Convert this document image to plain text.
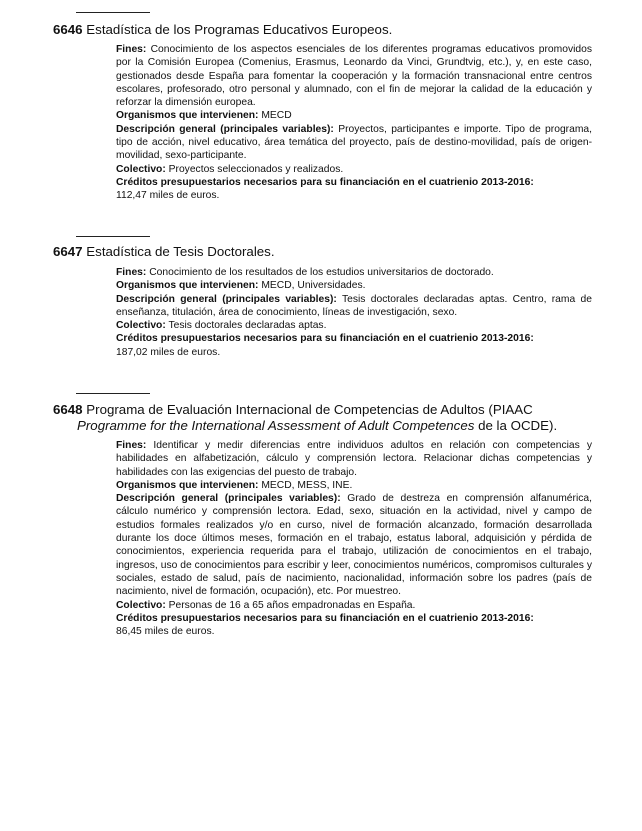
6646 Estadística de los Programas Educativos Europeos.

Fines: Conocimiento de los aspectos esenciales de los diferentes programas educativos promovidos por la Comisión Europea (Comenius, Erasmus, Leonardo da Vinci, Grundtvig, etc.), y, en este caso, gestionados desde España para fomentar la cooperación y la formación transnacional entre centros escolares, profesorado, otro personal y alumnado, con el fin de mejorar la calidad de la educación y reforzar la dimensión europea.

Organismos que intervienen: MECD

Descripción general (principales variables): Proyectos, participantes e importe. Tipo de programa, tipo de acción, nivel educativo, área temática del proyecto, país de destino-movilidad, país de origen-movilidad, sexo-participante.

Colectivo: Proyectos seleccionados y realizados.

Créditos presupuestarios necesarios para su financiación en el cuatrienio 2013-2016:
112,47 miles de euros.

6647 Estadística de Tesis Doctorales.

Fines: Conocimiento de los resultados de los estudios universitarios de doctorado.

Organismos que intervienen: MECD, Universidades.

Descripción general (principales variables): Tesis doctorales declaradas aptas. Centro, rama de enseñanza, titulación, área de conocimiento, líneas de investigación, sexo.

Colectivo: Tesis doctorales declaradas aptas.

Créditos presupuestarios necesarios para su financiación en el cuatrienio 2013-2016:
187,02 miles de euros.

6648 Programa de Evaluación Internacional de Competencias de Adultos (PIAAC
Programme for the International Assessment of Adult Competences de la OCDE).

Fines: Identificar y medir diferencias entre individuos adultos en relación con competencias y habilidades en alfabetización, cálculo y comprensión lectora. Relacionar dichas competencias y habilidades con las exigencias del puesto de trabajo.

Organismos que intervienen: MECD, MESS, INE.

Descripción general (principales variables): Grado de destreza en comprensión alfanumérica, cálculo numérico y comprensión lectora. Edad, sexo, situación en la actividad, nivel y campo de estudios formales realizados y/o en curso, nivel de formación alcanzado, formación desarrollada durante los doce últimos meses, formación en el trabajo, estatus laboral, adquisición y pérdida de conocimientos, experiencia requerida para el trabajo, utilización de conocimientos en el trabajo, ingresos, uso de conocimientos para escribir y leer, conocimientos numéricos, compromisos culturales y sociales, estado de salud, país de nacimiento, nacionalidad, información sobre los padres (país de nacimiento, nivel de formación, ocupación), etc. Por muestreo.

Colectivo: Personas de 16 a 65 años empadronadas en España.

Créditos presupuestarios necesarios para su financiación en el cuatrienio 2013-2016:
86,45 miles de euros.
